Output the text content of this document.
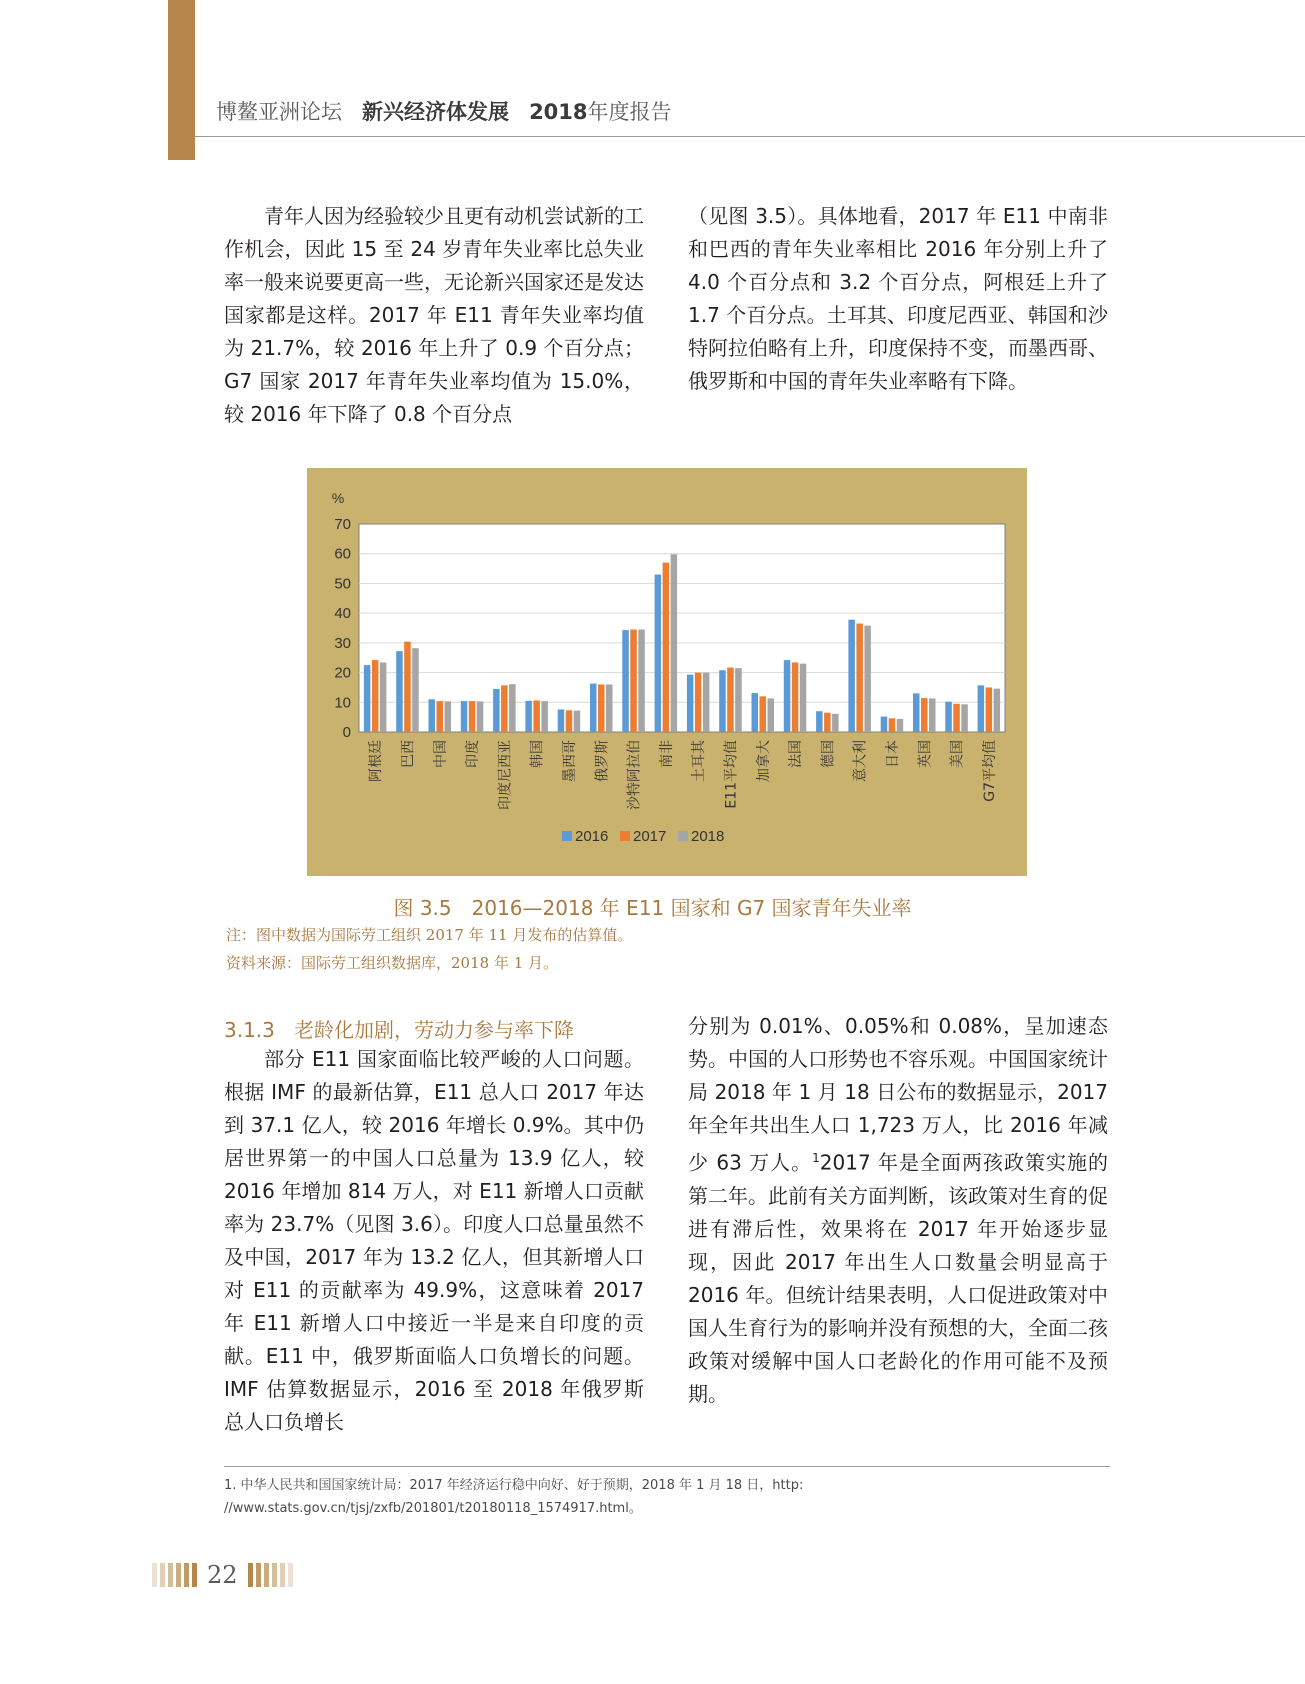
博鳌亚洲论坛 新兴经济体发展 2018年度报告

青年人因为经验较少且更有动机尝试新的工作机会，因此 15 至 24 岁青年失业率比总失业率一般来说要更高一些，无论新兴国家还是发达国家都是这样。2017 年 E11 青年失业率均值为 21.7%，较 2016 年上升了 0.9 个百分点；G7 国家 2017 年青年失业率均值为 15.0%，较 2016 年下降了 0.8 个百分点

（见图 3.5）。具体地看，2017 年 E11 中南非和巴西的青年失业率相比 2016 年分别上升了 4.0 个百分点和 3.2 个百分点，阿根廷上升了 1.7 个百分点。土耳其、印度尼西亚、韩国和沙特阿拉伯略有上升，印度保持不变，而墨西哥、俄罗斯和中国的青年失业率略有下降。

0
10
20
30
40
50
60
70
%
阿根廷 巴西 中国 印度 印度尼西亚 韩国 墨西哥 俄罗斯 沙特阿拉伯 南非 土耳其 E11平均值 加拿大 法国 德国 意大利 日本 英国 美国 G7平均值
2016 2017 2018
图 3.5　2016—2018 年 E11 国家和 G7 国家青年失业率
注：图中数据为国际劳工组织 2017 年 11 月发布的估算值。
资料来源：国际劳工组织数据库，2018 年 1 月。
3.1.3 老龄化加剧，劳动力参与率下降

部分 E11 国家面临比较严峻的人口问题。根据 IMF 的最新估算，E11 总人口 2017 年达到 37.1 亿人，较 2016 年增长 0.9%。其中仍居世界第一的中国人口总量为 13.9 亿人，较 2016 年增加 814 万人，对 E11 新增人口贡献率为 23.7%（见图 3.6）。印度人口总量虽然不及中国，2017 年为 13.2 亿人，但其新增人口对 E11 的贡献率为 49.9%，这意味着 2017 年 E11 新增人口中接近一半是来自印度的贡献。E11 中，俄罗斯面临人口负增长的问题。IMF 估算数据显示，2016 至 2018 年俄罗斯总人口负增长

分别为 0.01%、0.05%和 0.08%，呈加速态势。中国的人口形势也不容乐观。中国国家统计局 2018 年 1 月 18 日公布的数据显示，2017 年全年共出生人口 1,723 万人，比 2016 年减少 63 万人。$^1$2017 年是全面两孩政策实施的第二年。此前有关方面判断，该政策对生育的促进有滞后性，效果将在 2017 年开始逐步显现，因此 2017 年出生人口数量会明显高于 2016 年。但统计结果表明，人口促进政策对中国人生育行为的影响并没有预想的大，全面二孩政策对缓解中国人口老龄化的作用可能不及预期。

1. 中华人民共和国国家统计局：2017 年经济运行稳中向好、好于预期，2018 年 1 月 18 日，http: //www.stats.gov.cn/tjsj/zxfb/201801/t20180118_1574917.html。
22
